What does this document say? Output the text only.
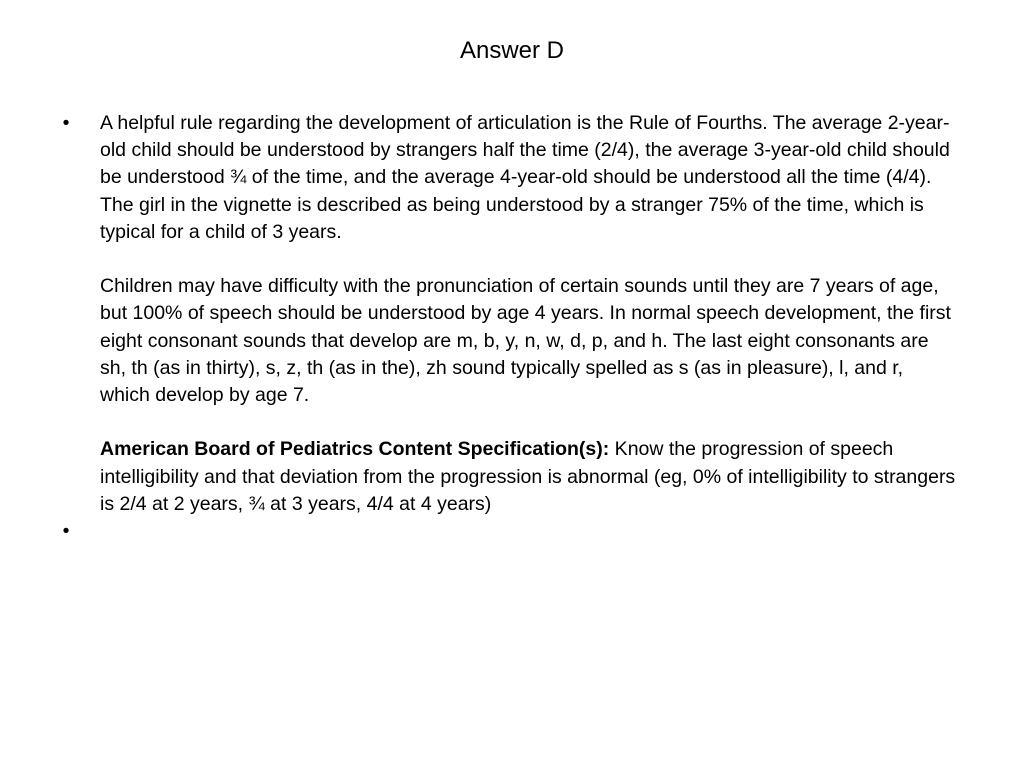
Answer D
•	A helpful rule regarding the development of articulation is the Rule of Fourths. The average 2-year-old child should be understood by strangers half the time (2/4), the average 3-year-old child should be understood ¾ of the time, and the average 4-year-old should be understood all the time (4/4). The girl in the vignette is described as being understood by a stranger 75% of the time, which is typical for a child of 3 years.

Children may have difficulty with the pronunciation of certain sounds until they are 7 years of age, but 100% of speech should be understood by age 4 years. In normal speech development, the first eight consonant sounds that develop are m, b, y, n, w, d, p, and h. The last eight consonants are sh, th (as in thirty), s, z, th (as in the), zh sound typically spelled as s (as in pleasure), l, and r, which develop by age 7.

American Board of Pediatrics Content Specification(s): Know the progression of speech intelligibility and that deviation from the progression is abnormal (eg, 0% of intelligibility to strangers is 2/4 at 2 years, ¾ at 3 years, 4/4 at 4 years)

•
